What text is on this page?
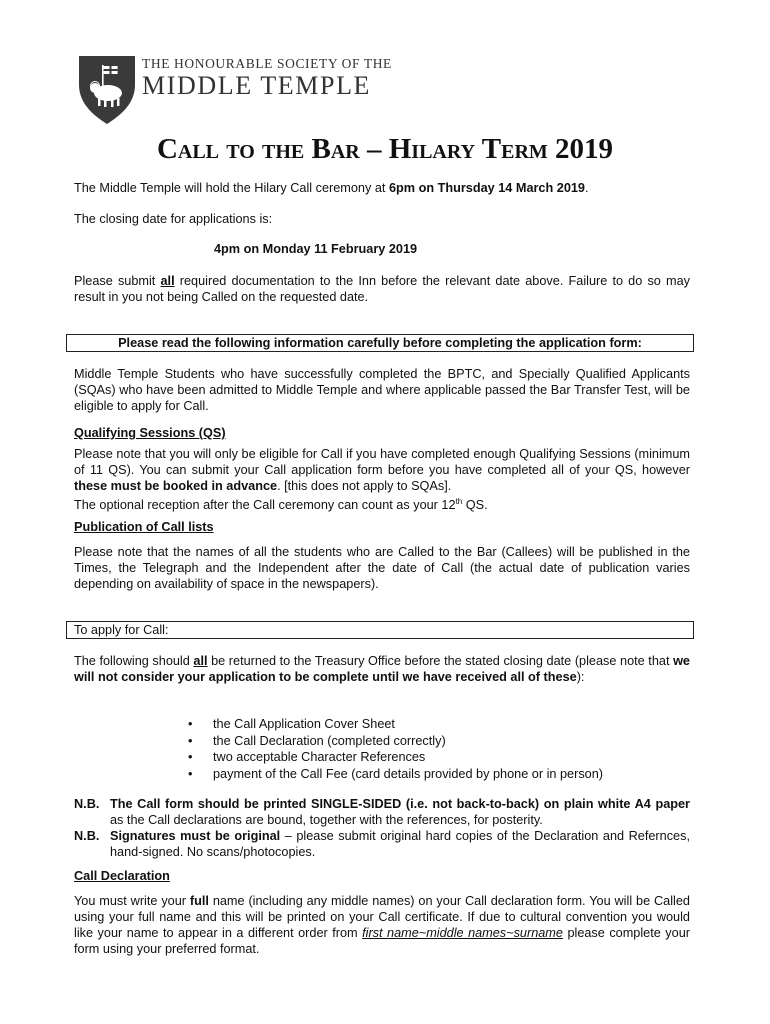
THE HONOURABLE SOCIETY OF THE
MIDDLE TEMPLE
Call to the Bar – Hilary Term 2019
The Middle Temple will hold the Hilary Call ceremony at 6pm on Thursday 14 March 2019.
The closing date for applications is:
4pm on Monday 11 February 2019
Please submit all required documentation to the Inn before the relevant date above. Failure to do so may result in you not being Called on the requested date.
Please read the following information carefully before completing the application form:
Middle Temple Students who have successfully completed the BPTC, and Specially Qualified Applicants (SQAs) who have been admitted to Middle Temple and where applicable passed the Bar Transfer Test, will be eligible to apply for Call.
Qualifying Sessions (QS)
Please note that you will only be eligible for Call if you have completed enough Qualifying Sessions (minimum of 11 QS). You can submit your Call application form before you have completed all of your QS, however these must be booked in advance. [this does not apply to SQAs].
The optional reception after the Call ceremony can count as your 12th QS.
Publication of Call lists
Please note that the names of all the students who are Called to the Bar (Callees) will be published in the Times, the Telegraph and the Independent after the date of Call (the actual date of publication varies depending on availability of space in the newspapers).
To apply for Call:
The following should all be returned to the Treasury Office before the stated closing date (please note that we will not consider your application to be complete until we have received all of these):
• the Call Application Cover Sheet
• the Call Declaration (completed correctly)
• two acceptable Character References
• payment of the Call Fee (card details provided by phone or in person)
N.B. The Call form should be printed SINGLE-SIDED (i.e. not back-to-back) on plain white A4 paper as the Call declarations are bound, together with the references, for posterity.
N.B. Signatures must be original – please submit original hard copies of the Declaration and Refernces, hand-signed. No scans/photocopies.
Call Declaration
You must write your full name (including any middle names) on your Call declaration form. You will be Called using your full name and this will be printed on your Call certificate. If due to cultural convention you would like your name to appear in a different order from first name~middle names~surname please complete your form using your preferred format.
